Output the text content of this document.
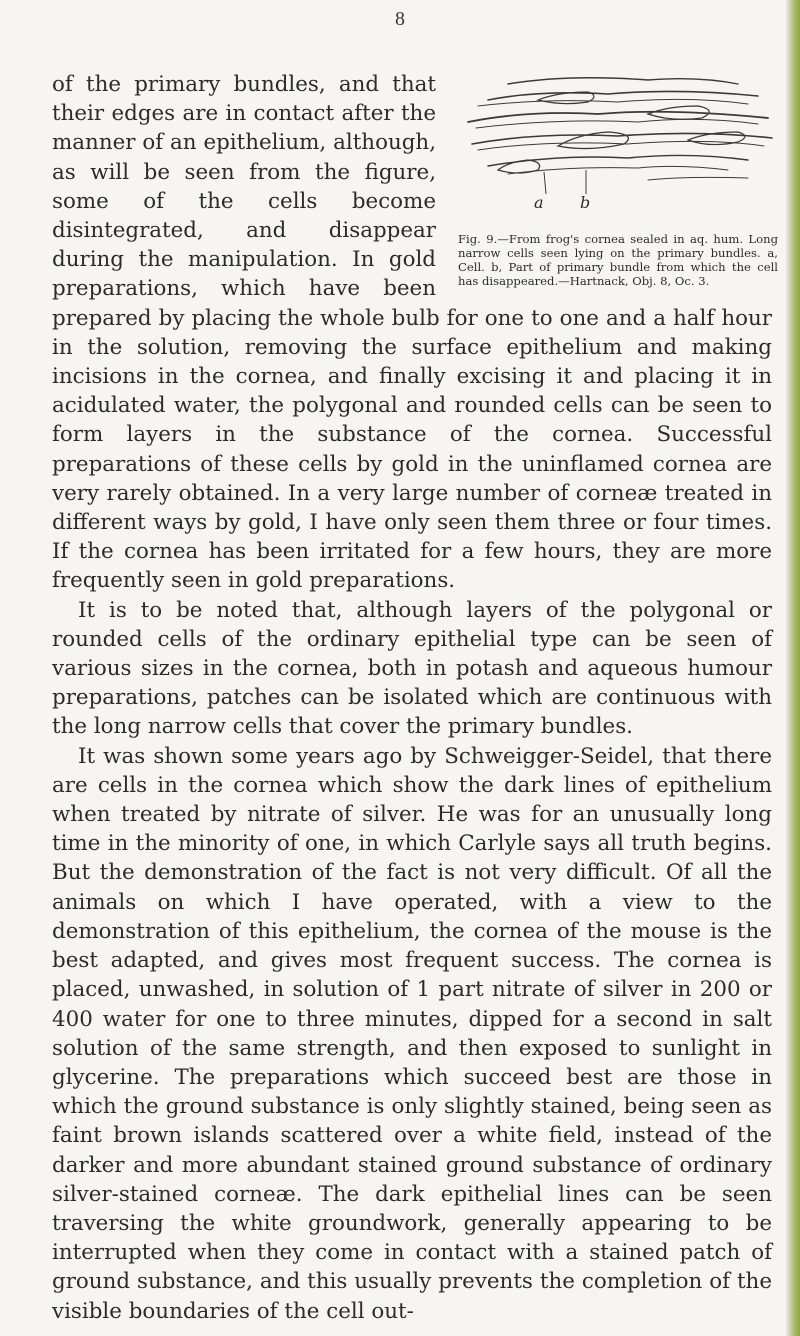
8
a b
Fig. 9.—From frog's cornea sealed in aq. hum. Long narrow cells seen lying on the primary bundles. a, Cell. b, Part of primary bundle from which the cell has disappeared.—Hartnack, Obj. 8, Oc. 3.

of the primary bundles, and that their edges are in contact after the manner of an epithelium, although, as will be seen from the figure, some of the cells become disintegrated, and disappear during the manipulation. In gold preparations, which have been prepared by placing the whole bulb for one to one and a half hour in the solution, removing the surface epithelium and making incisions in the cornea, and finally excising it and placing it in acidulated water, the polygonal and rounded cells can be seen to form layers in the substance of the cornea. Successful preparations of these cells by gold in the uninflamed cornea are very rarely obtained. In a very large number of corneæ treated in different ways by gold, I have only seen them three or four times. If the cornea has been irritated for a few hours, they are more frequently seen in gold preparations.

It is to be noted that, although layers of the polygonal or rounded cells of the ordinary epithelial type can be seen of various sizes in the cornea, both in potash and aqueous humour preparations, patches can be isolated which are continuous with the long narrow cells that cover the primary bundles.

It was shown some years ago by Schweigger-Seidel, that there are cells in the cornea which show the dark lines of epithelium when treated by nitrate of silver. He was for an unusually long time in the minority of one, in which Carlyle says all truth begins. But the demonstration of the fact is not very difficult. Of all the animals on which I have operated, with a view to the demonstration of this epithelium, the cornea of the mouse is the best adapted, and gives most frequent success. The cornea is placed, unwashed, in solution of 1 part nitrate of silver in 200 or 400 water for one to three minutes, dipped for a second in salt solution of the same strength, and then exposed to sunlight in glycerine. The preparations which succeed best are those in which the ground substance is only slightly stained, being seen as faint brown islands scattered over a white field, instead of the darker and more abundant stained ground substance of ordinary silver-stained corneæ. The dark epithelial lines can be seen traversing the white groundwork, generally appearing to be interrupted when they come in contact with a stained patch of ground substance, and this usually prevents the completion of the visible boundaries of the cell out-
